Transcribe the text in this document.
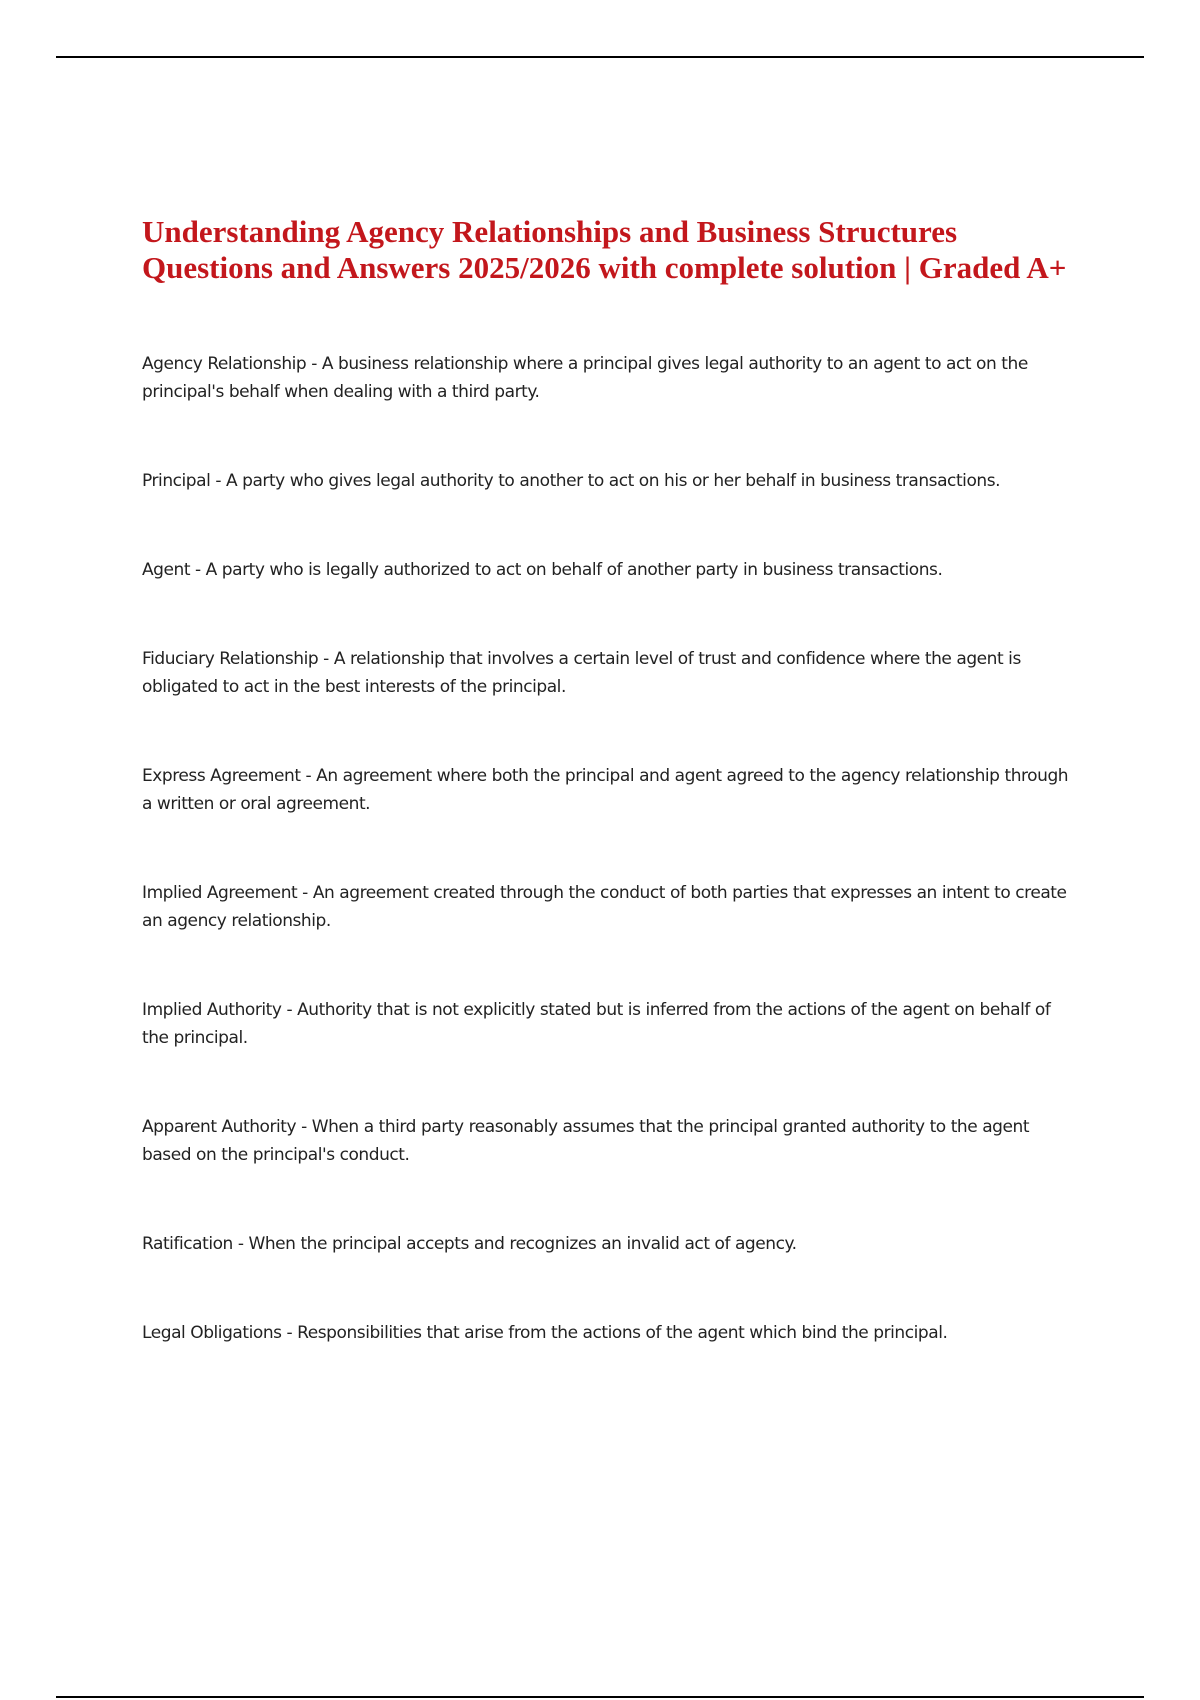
Understanding Agency Relationships and Business Structures Questions and Answers 2025/2026 with complete solution | Graded A+

Agency Relationship - A business relationship where a principal gives legal authority to an agent to act on the principal's behalf when dealing with a third party.

Principal - A party who gives legal authority to another to act on his or her behalf in business transactions.

Agent - A party who is legally authorized to act on behalf of another party in business transactions.

Fiduciary Relationship - A relationship that involves a certain level of trust and confidence where the agent is obligated to act in the best interests of the principal.

Express Agreement - An agreement where both the principal and agent agreed to the agency relationship through a written or oral agreement.

Implied Agreement - An agreement created through the conduct of both parties that expresses an intent to create an agency relationship.

Implied Authority - Authority that is not explicitly stated but is inferred from the actions of the agent on behalf of the principal.

Apparent Authority - When a third party reasonably assumes that the principal granted authority to the agent based on the principal's conduct.

Ratification - When the principal accepts and recognizes an invalid act of agency.

Legal Obligations - Responsibilities that arise from the actions of the agent which bind the principal.
